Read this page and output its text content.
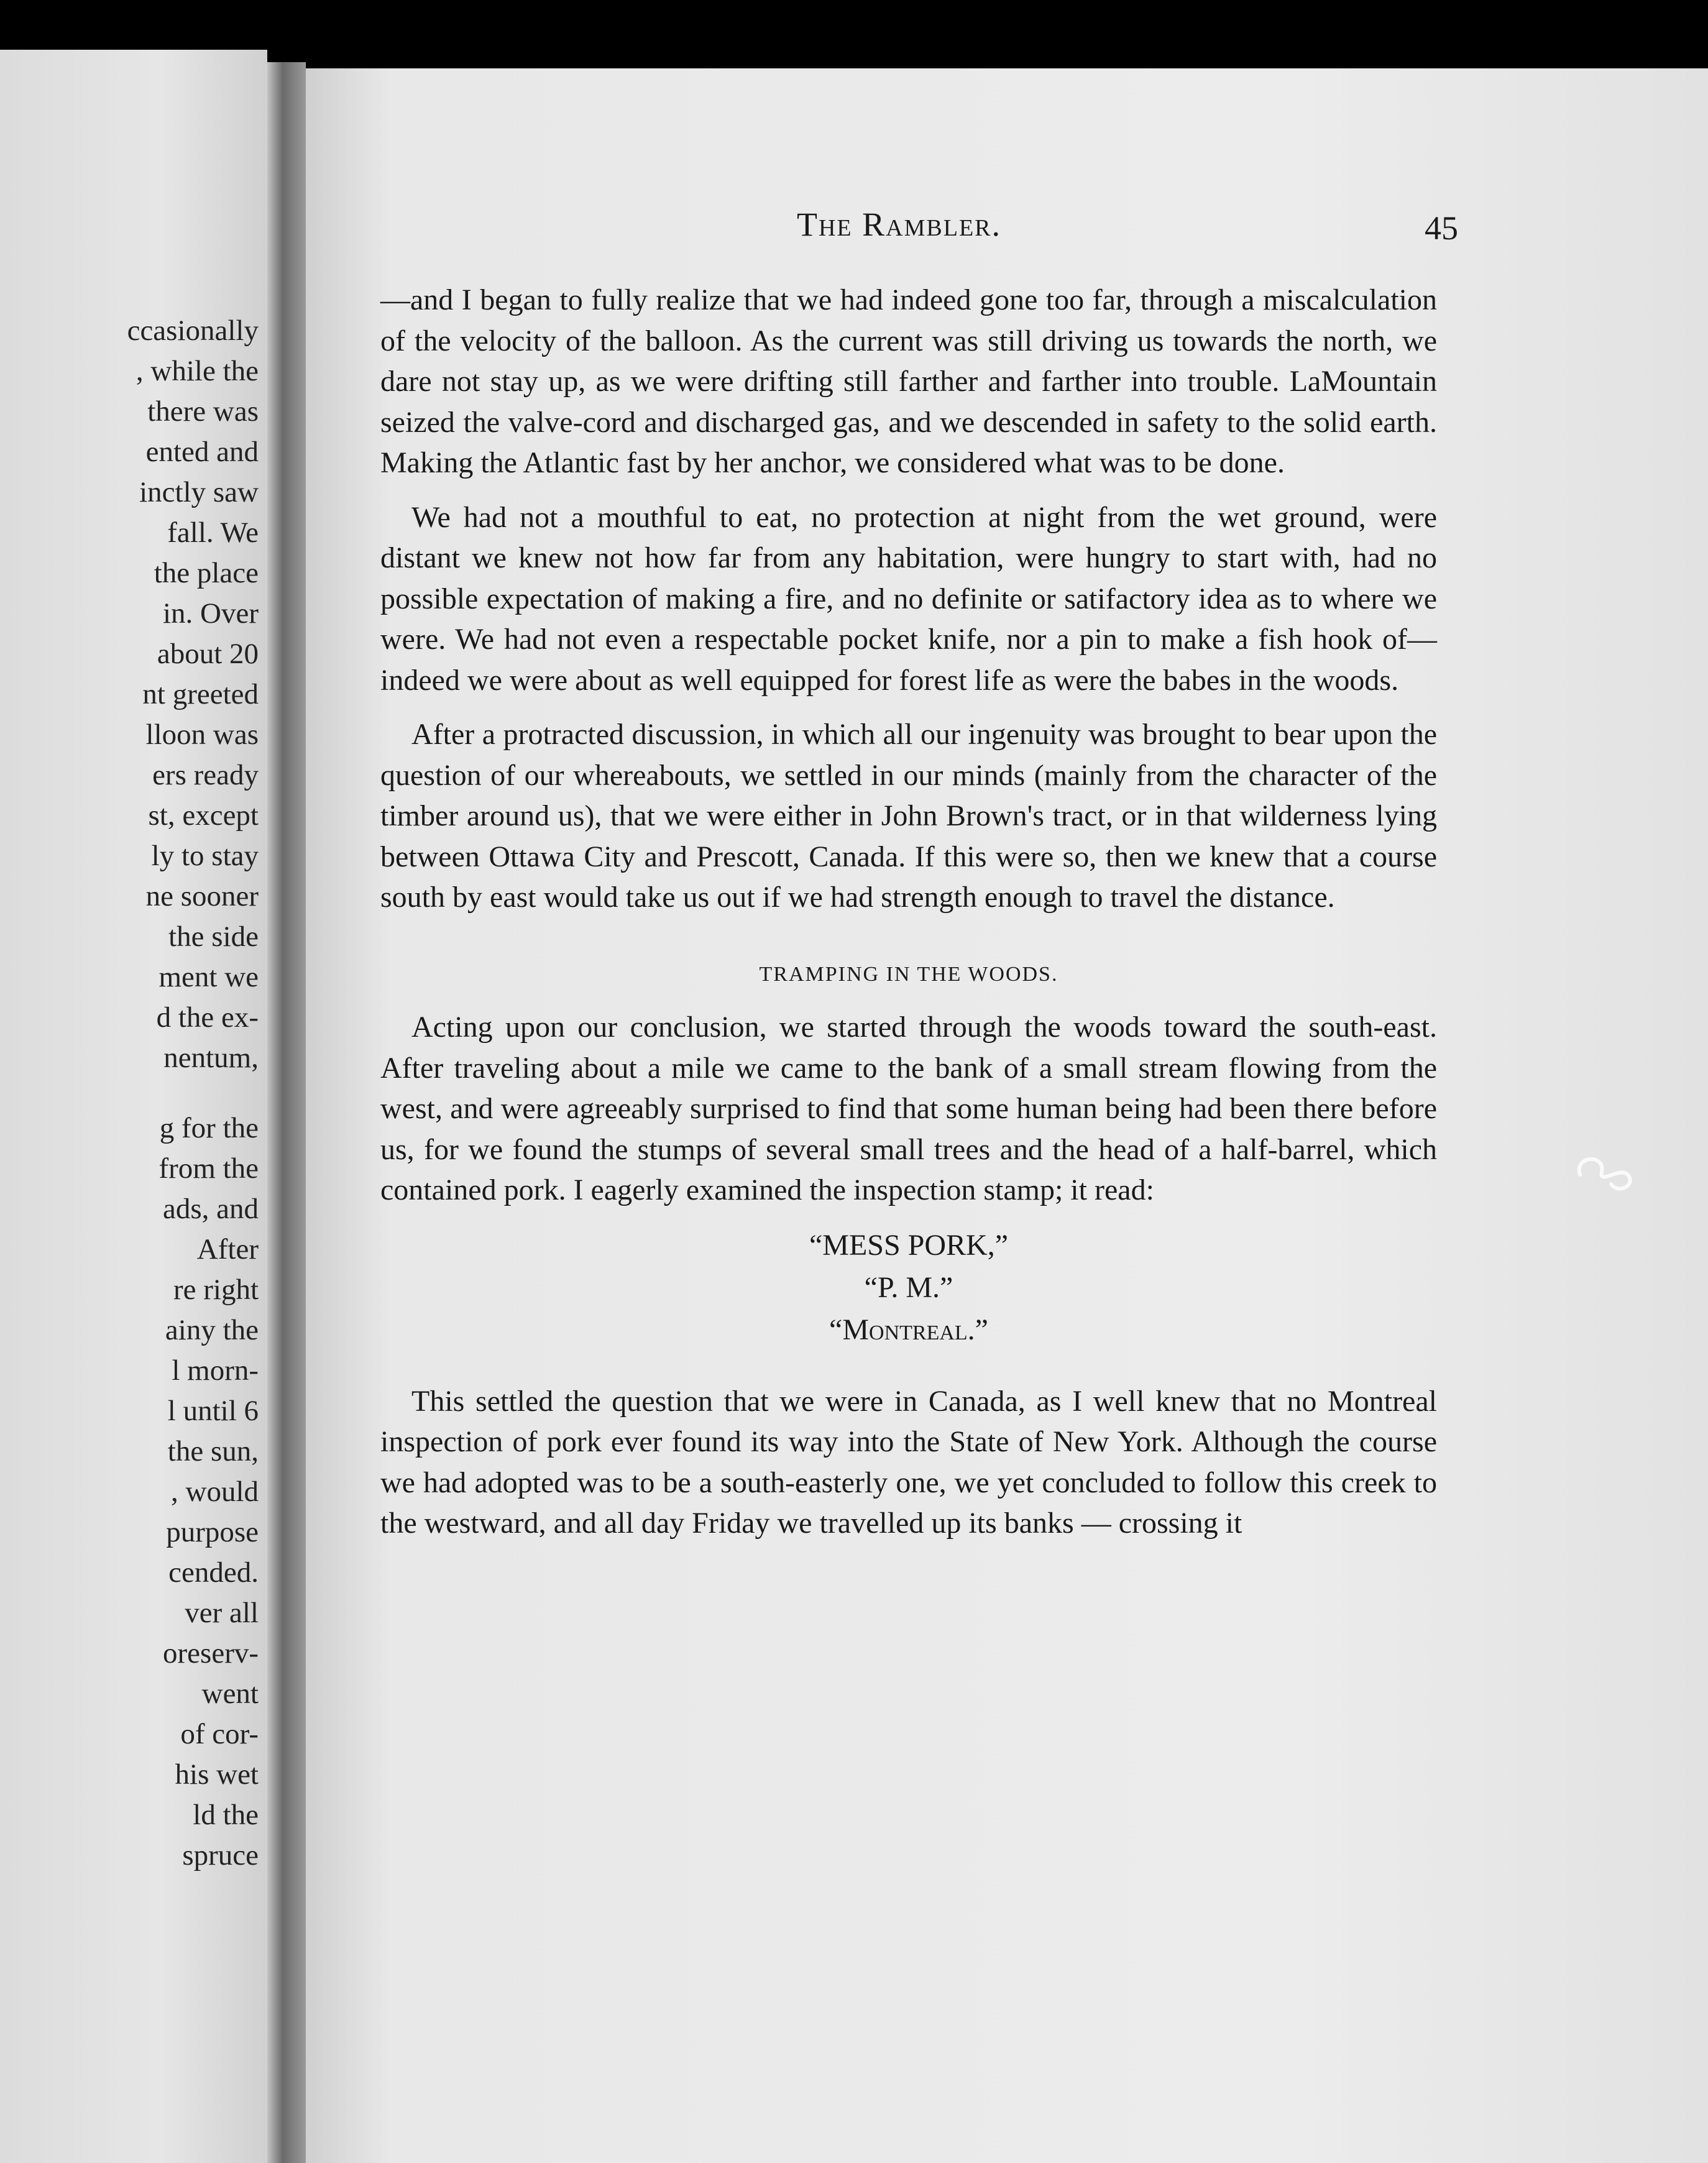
ccasionally
, while the
there was
ented and
inctly saw
fall. We
the place
in. Over
about 20
nt greeted
lloon was
ers ready
st, except
ly to stay
ne sooner
the side
ment we
d the ex-
nentum,
g for the
from the
ads, and
After
re right
ainy the
l morn-
l until 6
the sun,
, would
purpose
cended.
ver all
oreserv-
went
of cor-
his wet
ld the
spruce
The Rambler.	45

—and I began to fully realize that we had indeed gone too far, through a miscalculation of the velocity of the balloon. As the current was still driving us towards the north, we dare not stay up, as we were drifting still farther and farther into trouble. LaMountain seized the valve-cord and discharged gas, and we descended in safety to the solid earth. Making the Atlantic fast by her anchor, we considered what was to be done.

We had not a mouthful to eat, no protection at night from the wet ground, were distant we knew not how far from any habitation, were hungry to start with, had no possible expectation of making a fire, and no definite or satifactory idea as to where we were. We had not even a respectable pocket knife, nor a pin to make a fish hook of—indeed we were about as well equipped for forest life as were the babes in the woods.

After a protracted discussion, in which all our ingenuity was brought to bear upon the question of our whereabouts, we settled in our minds (mainly from the character of the timber around us), that we were either in John Brown's tract, or in that wilderness lying between Ottawa City and Prescott, Canada. If this were so, then we knew that a course south by east would take us out if we had strength enough to travel the distance.

TRAMPING IN THE WOODS.

Acting upon our conclusion, we started through the woods toward the south-east. After traveling about a mile we came to the bank of a small stream flowing from the west, and were agreeably surprised to find that some human being had been there before us, for we found the stumps of several small trees and the head of a half-barrel, which contained pork. I eagerly examined the inspection stamp; it read:

“MESS PORK,”
“P. M.”
“Montreal.”

This settled the question that we were in Canada, as I well knew that no Montreal inspection of pork ever found its way into the State of New York. Although the course we had adopted was to be a south-easterly one, we yet concluded to follow this creek to the westward, and all day Friday we travelled up its banks — crossing it
